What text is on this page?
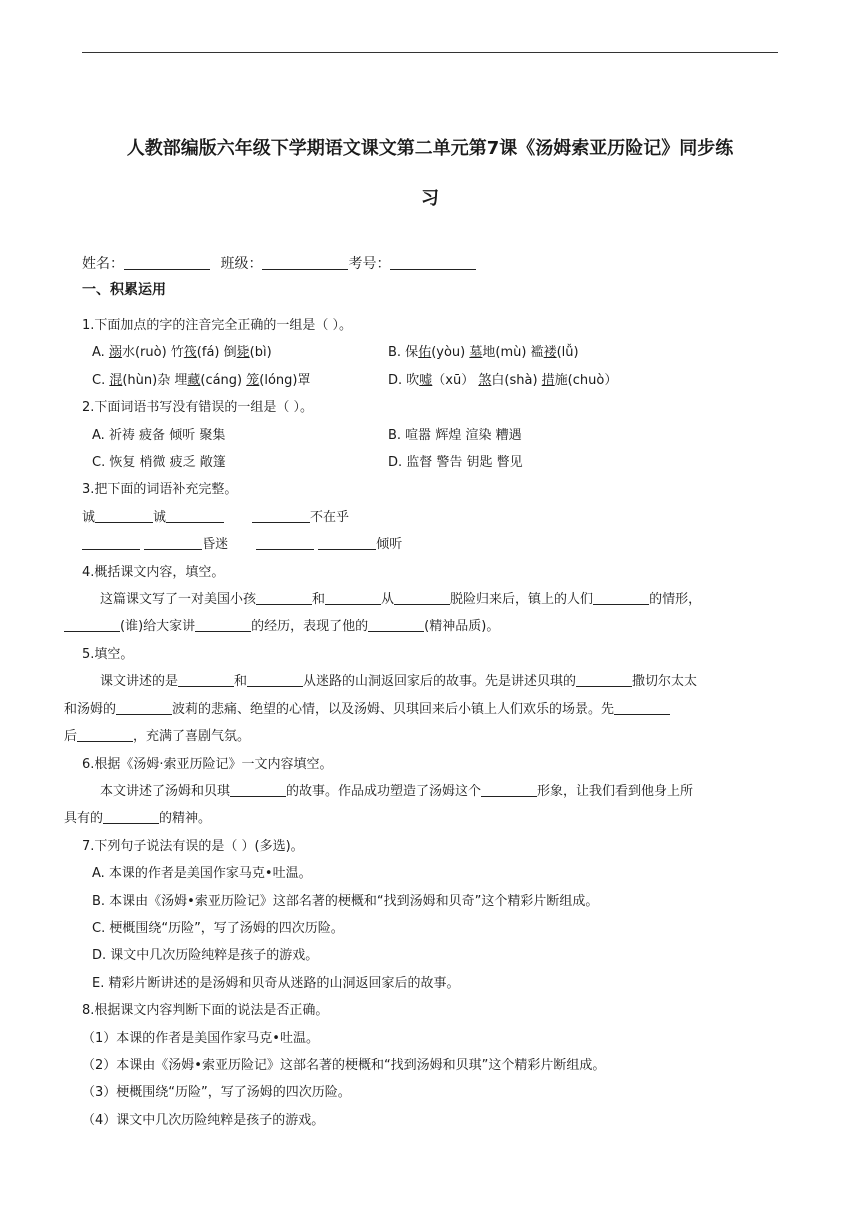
人教部编版六年级下学期语文课文第二单元第7课《汤姆索亚历险记》同步练
习
姓名：	班级：	考号：
一、积累运用
1.下面加点的字的注音完全正确的一组是（ ）。
A. 溺水(ruò) 竹筏(fá) 倒毙(bì)	B. 保佑(yòu) 墓地(mù) 褴褛(lǚ)
C. 混(hùn)杂 埋藏(cáng) 笼(lóng)罩	D. 吹嘘（xū） 煞白(shà) 措施(chuò）
2.下面词语书写没有错误的一组是（ ）。
A. 祈祷 疲备 倾听 聚集	B. 喧嚣 辉煌 渲染 糟遇
C. 恢复 梢微 疲乏 敞篷	D. 监督 警告 钥匙 瞥见
3.把下面的词语补充完整。
诚	诚	不在乎
昏迷	倾听
4.概括课文内容，填空。
这篇课文写了一对美国小孩	和	从	脱险归来后，镇上的人们	的情形，
(谁)给大家讲	的经历，表现了他的	(精神品质)。
5.填空。
课文讲述的是	和	从迷路的山洞返回家后的故事。先是讲述贝琪的	撒切尔太太
和汤姆的	波莉的悲痛、绝望的心情，以及汤姆、贝琪回来后小镇上人们欢乐的场景。先
后	，充满了喜剧气氛。
6.根据《汤姆·索亚历险记》一文内容填空。
本文讲述了汤姆和贝琪	的故事。作品成功塑造了汤姆这个	形象，让我们看到他身上所
具有的	的精神。
7.下列句子说法有误的是（ ）(多选)。
A. 本课的作者是美国作家马克•吐温。
B. 本课由《汤姆•索亚历险记》这部名著的梗概和“找到汤姆和贝奇”这个精彩片断组成。
C. 梗概围绕“历险”，写了汤姆的四次历险。
D. 课文中几次历险纯粹是孩子的游戏。
E. 精彩片断讲述的是汤姆和贝奇从迷路的山洞返回家后的故事。
8.根据课文内容判断下面的说法是否正确。
（1）本课的作者是美国作家马克•吐温。
（2）本课由《汤姆•索亚历险记》这部名著的梗概和“找到汤姆和贝琪”这个精彩片断组成。
（3）梗概围绕“历险”，写了汤姆的四次历险。
（4）课文中几次历险纯粹是孩子的游戏。
